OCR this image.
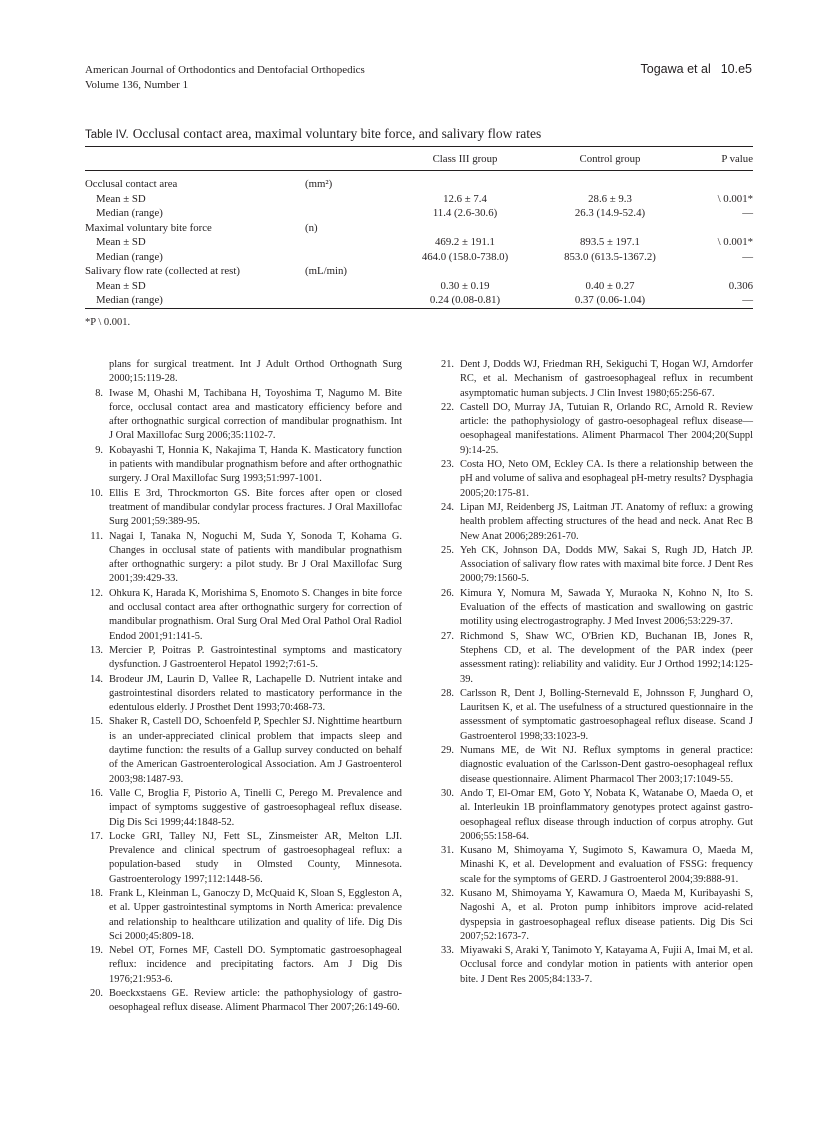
American Journal of Orthodontics and Dentofacial Orthopedics
Volume 136, Number 1
Togawa et al 10.e5
Table IV. Occlusal contact area, maximal voluntary bite force, and salivary flow rates
		Class III group	Control group	P value

Occlusal contact area	(mm²)			
Mean ± SD		12.6 ± 7.4	28.6 ± 9.3	\ 0.001*
Median (range)		11.4 (2.6-30.6)	26.3 (14.9-52.4)	—
Maximal voluntary bite force	(n)			
Mean ± SD		469.2 ± 191.1	893.5 ± 197.1	\ 0.001*
Median (range)		464.0 (158.0-738.0)	853.0 (613.5-1367.2)	—
Salivary flow rate (collected at rest)	(mL/min)			
Mean ± SD		0.30 ± 0.19	0.40 ± 0.27	0.306
Median (range)		0.24 (0.08-0.81)	0.37 (0.06-1.04)	—
*P \ 0.001.
plans for surgical treatment. Int J Adult Orthod Orthognath Surg 2000;15:119-28.
8. Iwase M, Ohashi M, Tachibana H, Toyoshima T, Nagumo M. Bite force, occlusal contact area and masticatory efficiency before and after orthognathic surgical correction of mandibular prognathism. Int J Oral Maxillofac Surg 2006;35:1102-7.
9. Kobayashi T, Honnia K, Nakajima T, Handa K. Masticatory function in patients with mandibular prognathism before and after orthognathic surgery. J Oral Maxillofac Surg 1993;51:997-1001.
10. Ellis E 3rd, Throckmorton GS. Bite forces after open or closed treatment of mandibular condylar process fractures. J Oral Maxillofac Surg 2001;59:389-95.
11. Nagai I, Tanaka N, Noguchi M, Suda Y, Sonoda T, Kohama G. Changes in occlusal state of patients with mandibular prognathism after orthognathic surgery: a pilot study. Br J Oral Maxillofac Surg 2001;39:429-33.
12. Ohkura K, Harada K, Morishima S, Enomoto S. Changes in bite force and occlusal contact area after orthognathic surgery for correction of mandibular prognathism. Oral Surg Oral Med Oral Pathol Oral Radiol Endod 2001;91:141-5.
13. Mercier P, Poitras P. Gastrointestinal symptoms and masticatory dysfunction. J Gastroenterol Hepatol 1992;7:61-5.
14. Brodeur JM, Laurin D, Vallee R, Lachapelle D. Nutrient intake and gastrointestinal disorders related to masticatory performance in the edentulous elderly. J Prosthet Dent 1993;70:468-73.
15. Shaker R, Castell DO, Schoenfeld P, Spechler SJ. Nighttime heartburn is an under-appreciated clinical problem that impacts sleep and daytime function: the results of a Gallup survey conducted on behalf of the American Gastroenterological Association. Am J Gastroenterol 2003;98:1487-93.
16. Valle C, Broglia F, Pistorio A, Tinelli C, Perego M. Prevalence and impact of symptoms suggestive of gastroesophageal reflux disease. Dig Dis Sci 1999;44:1848-52.
17. Locke GRI, Talley NJ, Fett SL, Zinsmeister AR, Melton LJI. Prevalence and clinical spectrum of gastroesophageal reflux: a population-based study in Olmsted County, Minnesota. Gastroenterology 1997;112:1448-56.
18. Frank L, Kleinman L, Ganoczy D, McQuaid K, Sloan S, Eggleston A, et al. Upper gastrointestinal symptoms in North America: prevalence and relationship to healthcare utilization and quality of life. Dig Dis Sci 2000;45:809-18.
19. Nebel OT, Fornes MF, Castell DO. Symptomatic gastroesophageal reflux: incidence and precipitating factors. Am J Dig Dis 1976;21:953-6.
20. Boeckxstaens GE. Review article: the pathophysiology of gastro-oesophageal reflux disease. Aliment Pharmacol Ther 2007;26:149-60.
21. Dent J, Dodds WJ, Friedman RH, Sekiguchi T, Hogan WJ, Arndorfer RC, et al. Mechanism of gastroesophageal reflux in recumbent asymptomatic human subjects. J Clin Invest 1980;65:256-67.
22. Castell DO, Murray JA, Tutuian R, Orlando RC, Arnold R. Review article: the pathophysiology of gastro-oesophageal reflux disease—oesophageal manifestations. Aliment Pharmacol Ther 2004;20(Suppl 9):14-25.
23. Costa HO, Neto OM, Eckley CA. Is there a relationship between the pH and volume of saliva and esophageal pH-metry results? Dysphagia 2005;20:175-81.
24. Lipan MJ, Reidenberg JS, Laitman JT. Anatomy of reflux: a growing health problem affecting structures of the head and neck. Anat Rec B New Anat 2006;289:261-70.
25. Yeh CK, Johnson DA, Dodds MW, Sakai S, Rugh JD, Hatch JP. Association of salivary flow rates with maximal bite force. J Dent Res 2000;79:1560-5.
26. Kimura Y, Nomura M, Sawada Y, Muraoka N, Kohno N, Ito S. Evaluation of the effects of mastication and swallowing on gastric motility using electrogastrography. J Med Invest 2006;53:229-37.
27. Richmond S, Shaw WC, O'Brien KD, Buchanan IB, Jones R, Stephens CD, et al. The development of the PAR index (peer assessment rating): reliability and validity. Eur J Orthod 1992;14:125-39.
28. Carlsson R, Dent J, Bolling-Sternevald E, Johnsson F, Junghard O, Lauritsen K, et al. The usefulness of a structured questionnaire in the assessment of symptomatic gastroesophageal reflux disease. Scand J Gastroenterol 1998;33:1023-9.
29. Numans ME, de Wit NJ. Reflux symptoms in general practice: diagnostic evaluation of the Carlsson-Dent gastro-oesophageal reflux disease questionnaire. Aliment Pharmacol Ther 2003;17:1049-55.
30. Ando T, El-Omar EM, Goto Y, Nobata K, Watanabe O, Maeda O, et al. Interleukin 1B proinflammatory genotypes protect against gastro-oesophageal reflux disease through induction of corpus atrophy. Gut 2006;55:158-64.
31. Kusano M, Shimoyama Y, Sugimoto S, Kawamura O, Maeda M, Minashi K, et al. Development and evaluation of FSSG: frequency scale for the symptoms of GERD. J Gastroenterol 2004;39:888-91.
32. Kusano M, Shimoyama Y, Kawamura O, Maeda M, Kuribayashi S, Nagoshi A, et al. Proton pump inhibitors improve acid-related dyspepsia in gastroesophageal reflux disease patients. Dig Dis Sci 2007;52:1673-7.
33. Miyawaki S, Araki Y, Tanimoto Y, Katayama A, Fujii A, Imai M, et al. Occlusal force and condylar motion in patients with anterior open bite. J Dent Res 2005;84:133-7.
